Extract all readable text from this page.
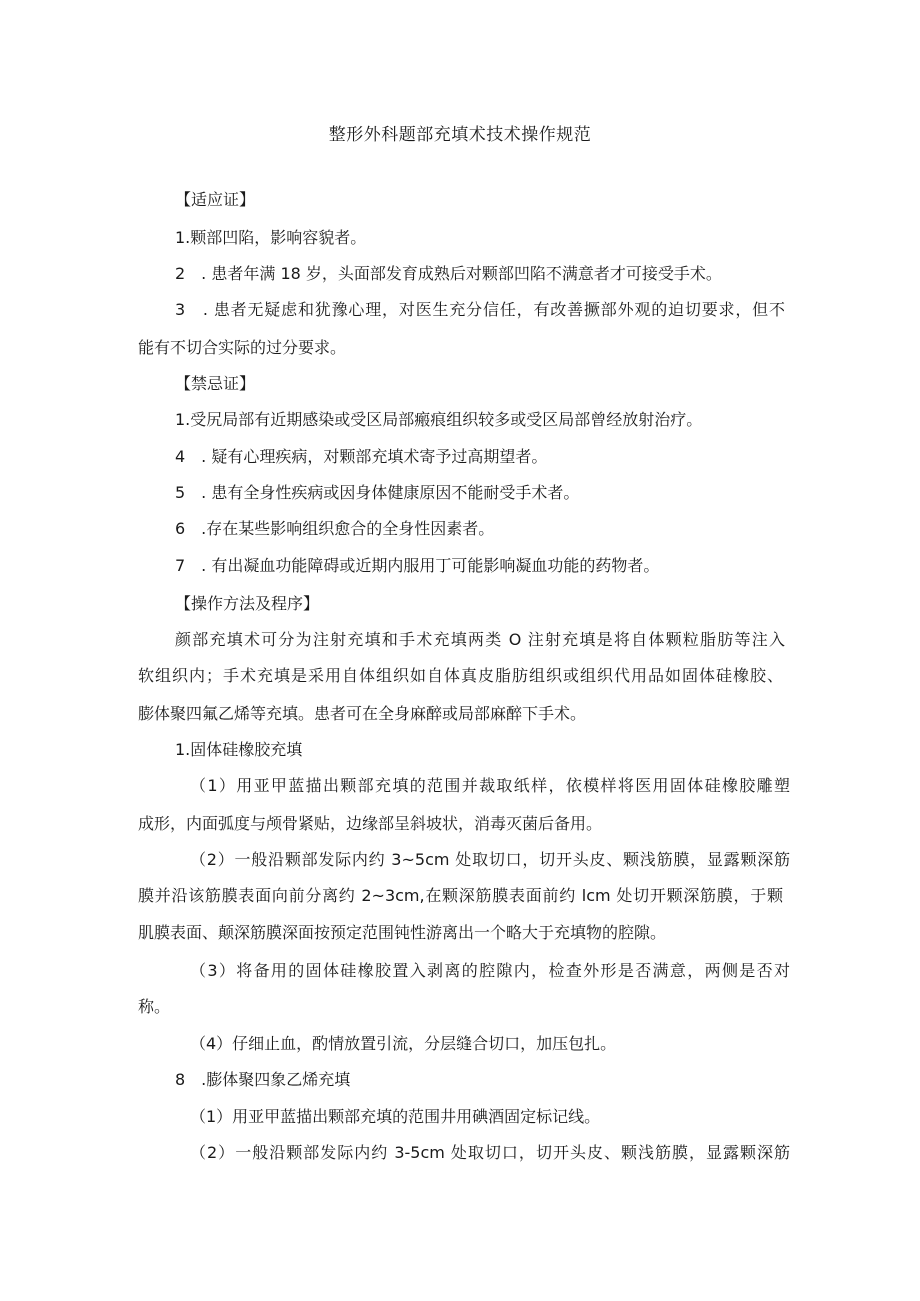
整形外科题部充填术技术操作规范
【适应证】
1.颗部凹陷，影响容貌者。
2　. 患者年满 18 岁，头面部发育成熟后对颗部凹陷不满意者才可接受手术。
3　. 患者无疑虑和犹豫心理，对医生充分信任，有改善撅部外观的迫切要求，但不
能有不切合实际的过分要求。
【禁忌证】
1.受尻局部有近期感染或受区局部瘢痕组织较多或受区局部曾经放射治疗。
4　. 疑有心理疾病，对颗部充填术寄予过高期望者。
5　. 患有全身性疾病或因身体健康原因不能耐受手术者。
6　.存在某些影响组织愈合的全身性因素者。
7　. 有出凝血功能障碍或近期内服用丁可能影响凝血功能的药物者。
【操作方法及程序】
颜部充填术可分为注射充填和手术充填两类 O 注射充填是将自体颗粒脂肪等注入
软组织内；手术充填是采用自体组织如自体真皮脂肪组织或组织代用品如固体硅橡胶、
膨体聚四氟乙烯等充填。患者可在全身麻醉或局部麻醉下手术。
1.固体硅橡胶充填
（1）用亚甲蓝描出颗部充填的范围并裁取纸样，依模样将医用固体硅橡胶雕塑
成形，内面弧度与颅骨紧贴，边缘部呈斜坡状，消毒灭菌后备用。
（2）一般沿颗部发际内约 3~5cm 处取切口，切开头皮、颗浅筋膜，显露颗深筋
膜并沿该筋膜表面向前分离约 2~3cm,在颗深筋膜表面前约 lcm 处切开颗深筋膜，于颗
肌膜表面、颠深筋膜深面按预定范围钝性游离出一个略大于充填物的腔隙。
（3）将备用的固体硅橡胶置入剥离的腔隙内，检查外形是否满意，两侧是否对
称。
（4）仔细止血，酌情放置引流，分层缝合切口，加压包扎。
8　.膨体聚四象乙烯充填
（1）用亚甲蓝描出颗部充填的范围井用碘酒固定标记线。
（2）一般沿颗部发际内约 3-5cm 处取切口，切开头皮、颗浅筋膜，显露颗深筋
